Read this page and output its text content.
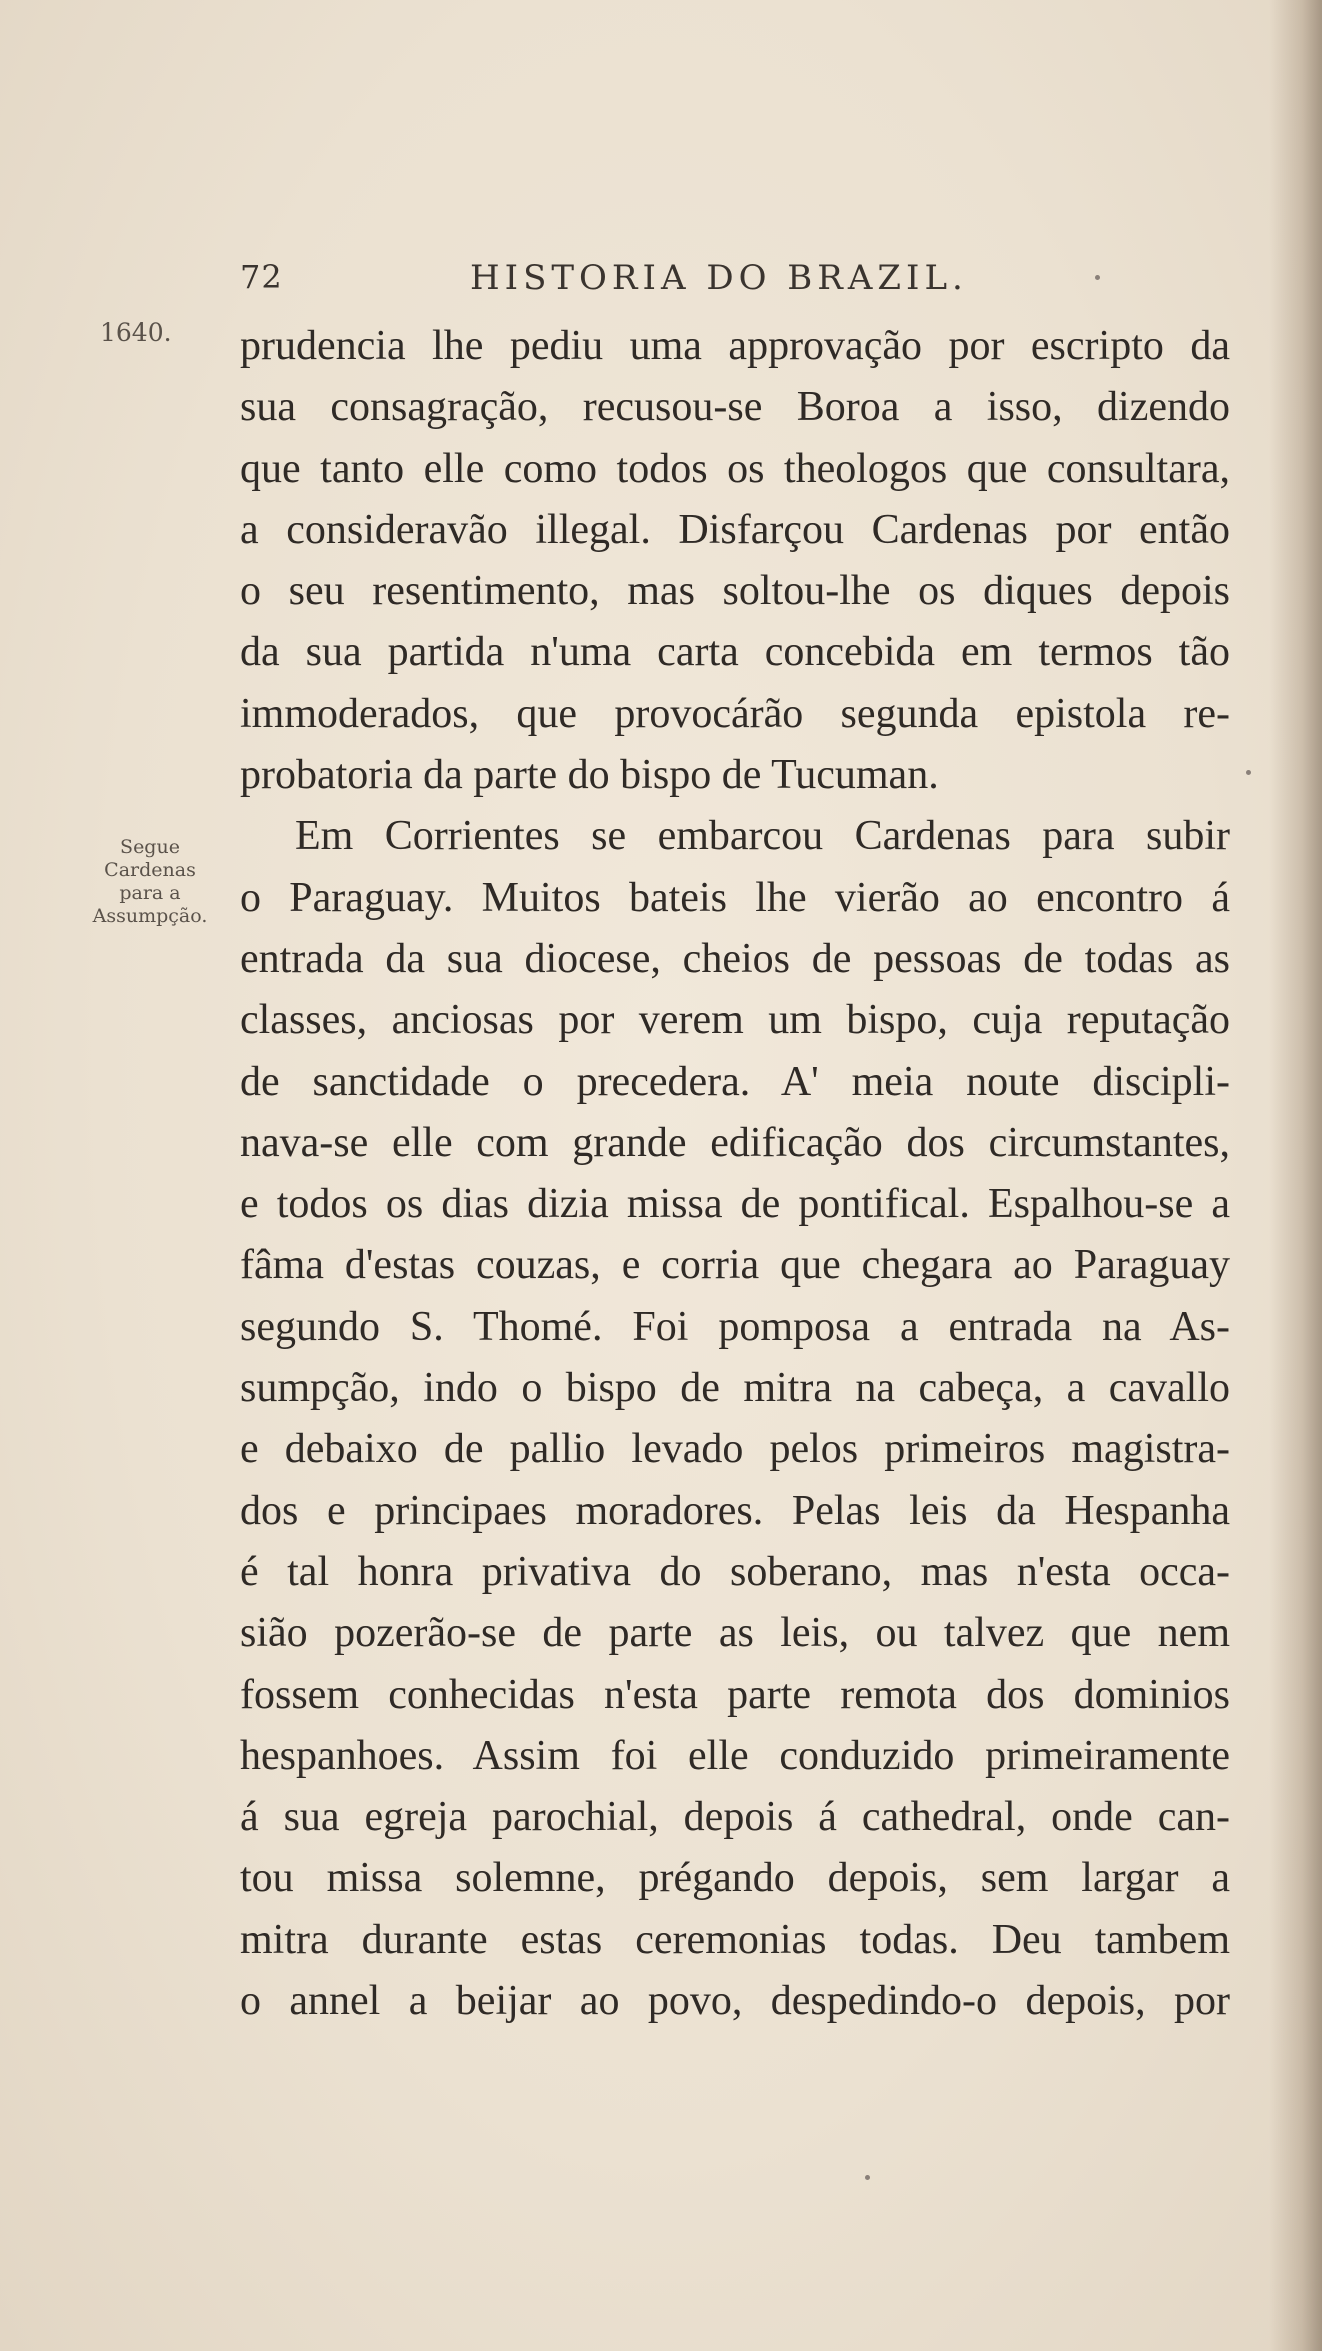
72	HISTORIA DO BRAZIL.
1640.
Segue
Cardenas
para a
Assumpção.
prudencia lhe pediu uma approvação por escripto da
sua consagração, recusou-se Boroa a isso, dizendo
que tanto elle como todos os theologos que consultara,
a consideravão illegal. Disfarçou Cardenas por então
o seu resentimento, mas soltou-lhe os diques depois
da sua partida n'uma carta concebida em termos tão
immoderados, que provocárão segunda epistola re-
probatoria da parte do bispo de Tucuman.
Em Corrientes se embarcou Cardenas para subir
o Paraguay. Muitos bateis lhe vierão ao encontro á
entrada da sua diocese, cheios de pessoas de todas as
classes, anciosas por verem um bispo, cuja reputação
de sanctidade o precedera. A' meia noute discipli-
nava-se elle com grande edificação dos circumstantes,
e todos os dias dizia missa de pontifical. Espalhou-se a
fâma d'estas couzas, e corria que chegara ao Paraguay
segundo S. Thomé. Foi pomposa a entrada na As-
sumpção, indo o bispo de mitra na cabeça, a cavallo
e debaixo de pallio levado pelos primeiros magistra-
dos e principaes moradores. Pelas leis da Hespanha
é tal honra privativa do soberano, mas n'esta occa-
sião pozerão-se de parte as leis, ou talvez que nem
fossem conhecidas n'esta parte remota dos dominios
hespanhoes. Assim foi elle conduzido primeiramente
á sua egreja parochial, depois á cathedral, onde can-
tou missa solemne, prégando depois, sem largar a
mitra durante estas ceremonias todas. Deu tambem
o annel a beijar ao povo, despedindo-o depois, por
